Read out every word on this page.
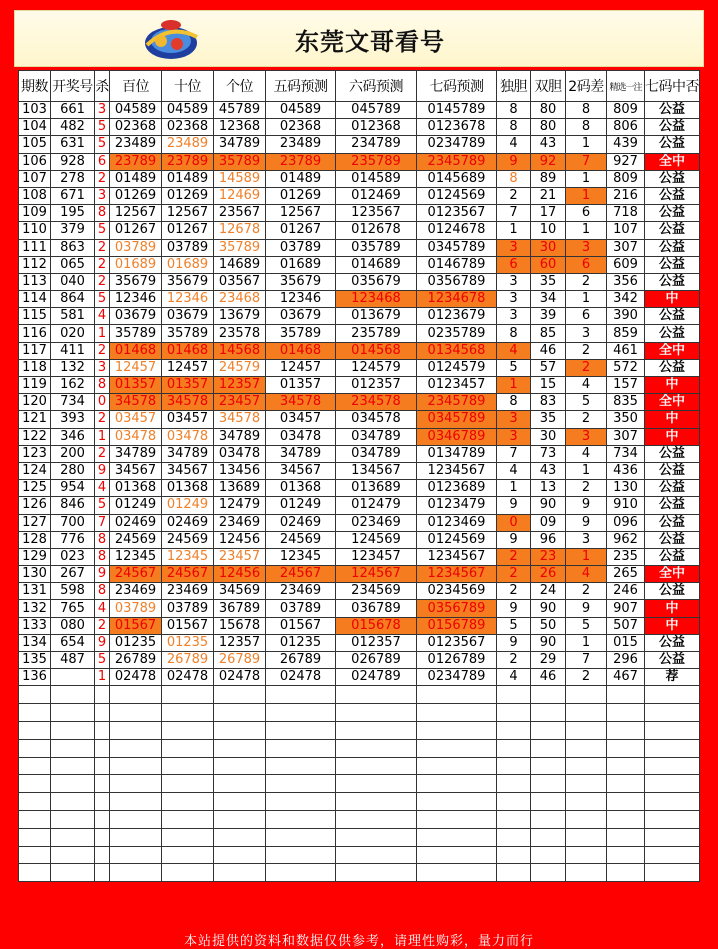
东莞文哥看号
期数	开奖号	杀	百位	十位	个位	五码预测	六码预测	七码预测	独胆	双胆	2码差	精选一注	七码中否
103	661	3	04589	04589	45789	04589	045789	0145789	8	80	8	809	公益
104	482	5	02368	02368	12368	02368	012368	0123678	8	80	8	806	公益
105	631	5	23489	23489	34789	23489	234789	0234789	4	43	1	439	公益
106	928	6	23789	23789	35789	23789	235789	2345789	9	92	7	927	全中
107	278	2	01489	01489	14589	01489	014589	0145689	8	89	1	809	公益
108	671	3	01269	01269	12469	01269	012469	0124569	2	21	1	216	公益
109	195	8	12567	12567	23567	12567	123567	0123567	7	17	6	718	公益
110	379	5	01267	01267	12678	01267	012678	0124678	1	10	1	107	公益
111	863	2	03789	03789	35789	03789	035789	0345789	3	30	3	307	公益
112	065	2	01689	01689	14689	01689	014689	0146789	6	60	6	609	公益
113	040	2	35679	35679	03567	35679	035679	0356789	3	35	2	356	公益
114	864	5	12346	12346	23468	12346	123468	1234678	3	34	1	342	中
115	581	4	03679	03679	13679	03679	013679	0123679	3	39	6	390	公益
116	020	1	35789	35789	23578	35789	235789	0235789	8	85	3	859	公益
117	411	2	01468	01468	14568	01468	014568	0134568	4	46	2	461	全中
118	132	3	12457	12457	24579	12457	124579	0124579	5	57	2	572	公益
119	162	8	01357	01357	12357	01357	012357	0123457	1	15	4	157	中
120	734	0	34578	34578	23457	34578	234578	2345789	8	83	5	835	全中
121	393	2	03457	03457	34578	03457	034578	0345789	3	35	2	350	中
122	346	1	03478	03478	34789	03478	034789	0346789	3	30	3	307	中
123	200	2	34789	34789	03478	34789	034789	0134789	7	73	4	734	公益
124	280	9	34567	34567	13456	34567	134567	1234567	4	43	1	436	公益
125	954	4	01368	01368	13689	01368	013689	0123689	1	13	2	130	公益
126	846	5	01249	01249	12479	01249	012479	0123479	9	90	9	910	公益
127	700	7	02469	02469	23469	02469	023469	0123469	0	09	9	096	公益
128	776	8	24569	24569	12456	24569	124569	0124569	9	96	3	962	公益
129	023	8	12345	12345	23457	12345	123457	1234567	2	23	1	235	公益
130	267	9	24567	24567	12456	24567	124567	1234567	2	26	4	265	全中
131	598	8	23469	23469	34569	23469	234569	0234569	2	24	2	246	公益
132	765	4	03789	03789	36789	03789	036789	0356789	9	90	9	907	中
133	080	2	01567	01567	15678	01567	015678	0156789	5	50	5	507	中
134	654	9	01235	01235	12357	01235	012357	0123567	9	90	1	015	公益
135	487	5	26789	26789	26789	26789	026789	0126789	2	29	7	296	公益
136		1	02478	02478	02478	02478	024789	0234789	4	46	2	467	荐

本站提供的资料和数据仅供参考，请理性购彩，量力而行
